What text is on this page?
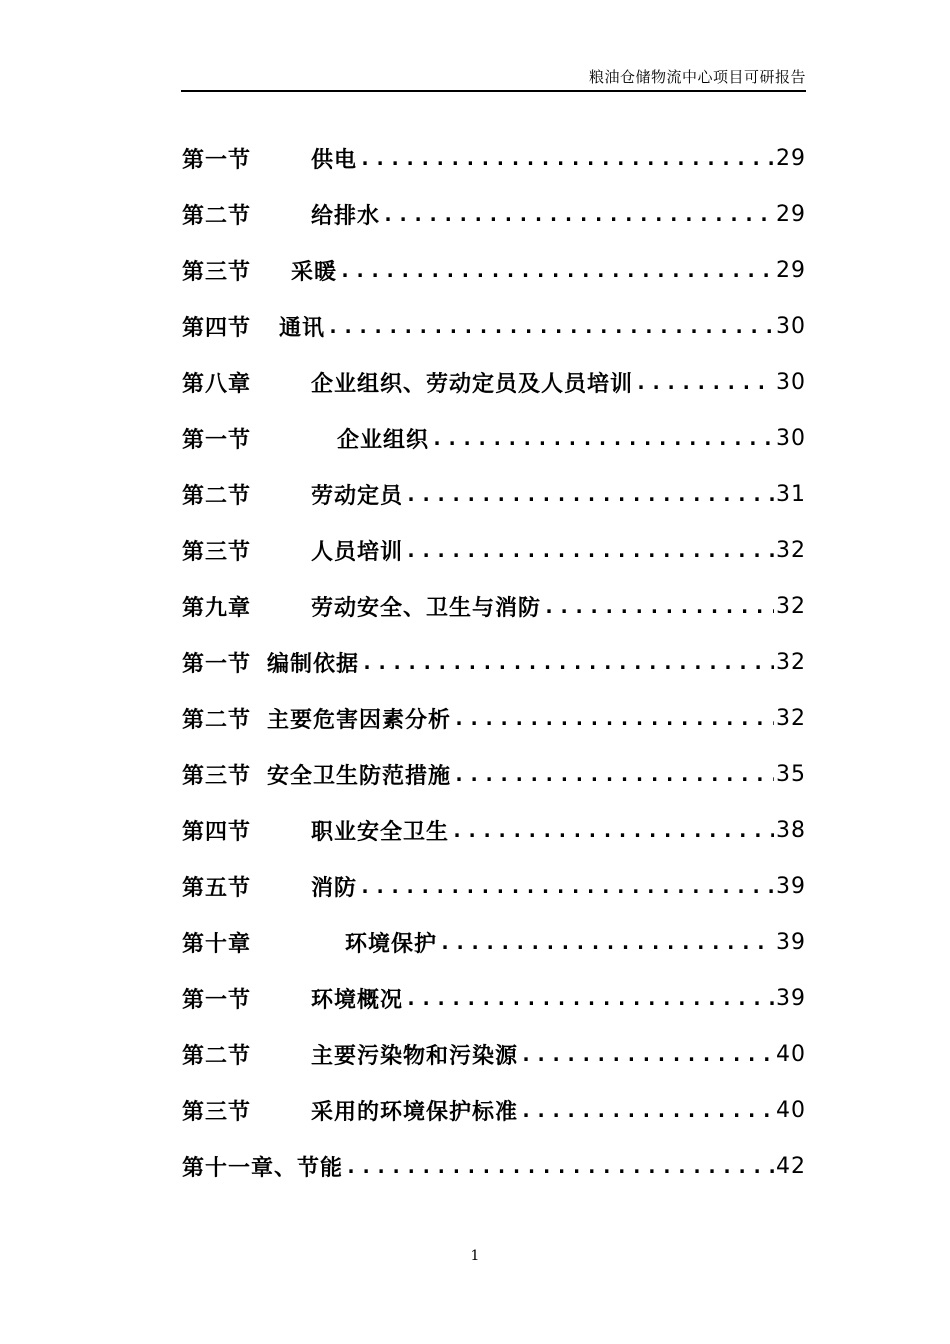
粮油仓储物流中心项目可研报告
第一节	供电 .....	29
第二节	给排水 .....	29
第三节 采暖 .....	29
第四节 通讯 .....	30
第八章	企业组织、劳动定员及人员培训 .....	30
第一节	企业组织 .....	30
第二节	劳动定员 .....	31
第三节	人员培训 .....	32
第九章	劳动安全、卫生与消防 .....	32
第一节 编制依据 .....	32
第二节 主要危害因素分析 .....	32
第三节 安全卫生防范措施 .....	35
第四节	职业安全卫生 .....	38
第五节	消防 .....	39
第十章	环境保护 .....	39
第一节	环境概况 .....	39
第二节	主要污染物和污染源 .....	40
第三节	采用的环境保护标准 .....	40
第十一章、 节能 .....	42
1
